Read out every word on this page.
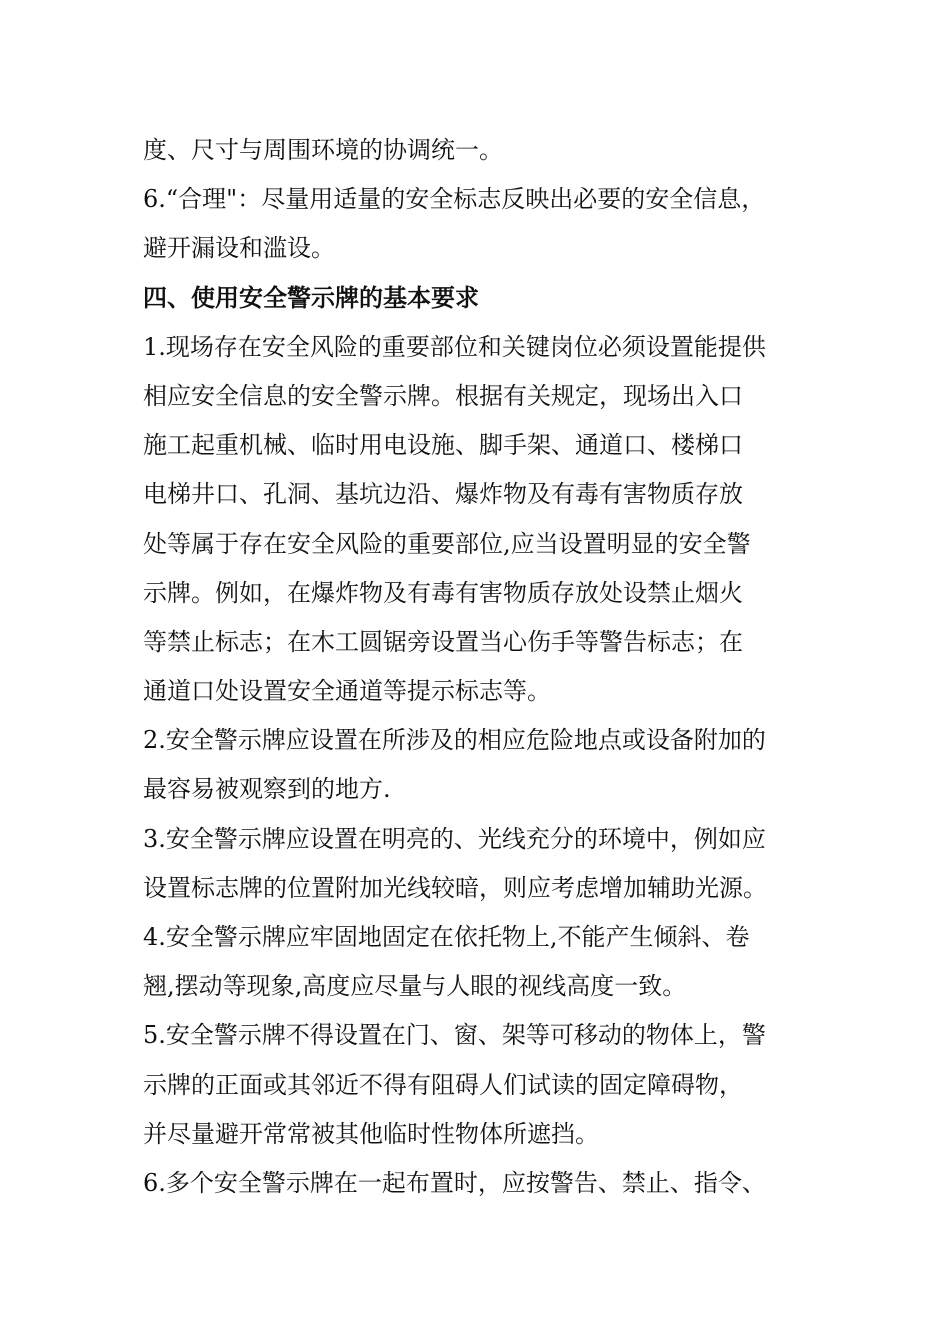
度、尺寸与周围环境的协调统一。
6.“合理"：尽量用适量的安全标志反映出必要的安全信息，
避开漏设和滥设。
四、使用安全警示牌的基本要求
1.现场存在安全风险的重要部位和关键岗位必须设置能提供
相应安全信息的安全警示牌。根据有关规定，现场出入口
施工起重机械、临时用电设施、脚手架、通道口、楼梯口
电梯井口、孔洞、基坑边沿、爆炸物及有毒有害物质存放
处等属于存在安全风险的重要部位,应当设置明显的安全警
示牌。例如，在爆炸物及有毒有害物质存放处设禁止烟火
等禁止标志；在木工圆锯旁设置当心伤手等警告标志；在
通道口处设置安全通道等提示标志等。
2.安全警示牌应设置在所涉及的相应危险地点或设备附加的
最容易被观察到的地方.
3.安全警示牌应设置在明亮的、光线充分的环境中，例如应
设置标志牌的位置附加光线较暗，则应考虑增加辅助光源。
4.安全警示牌应牢固地固定在依托物上,不能产生倾斜、卷
翘,摆动等现象,高度应尽量与人眼的视线高度一致。
5.安全警示牌不得设置在门、窗、架等可移动的物体上，警
示牌的正面或其邻近不得有阻碍人们试读的固定障碍物，
并尽量避开常常被其他临时性物体所遮挡。
6.多个安全警示牌在一起布置时，应按警告、禁止、指令、
